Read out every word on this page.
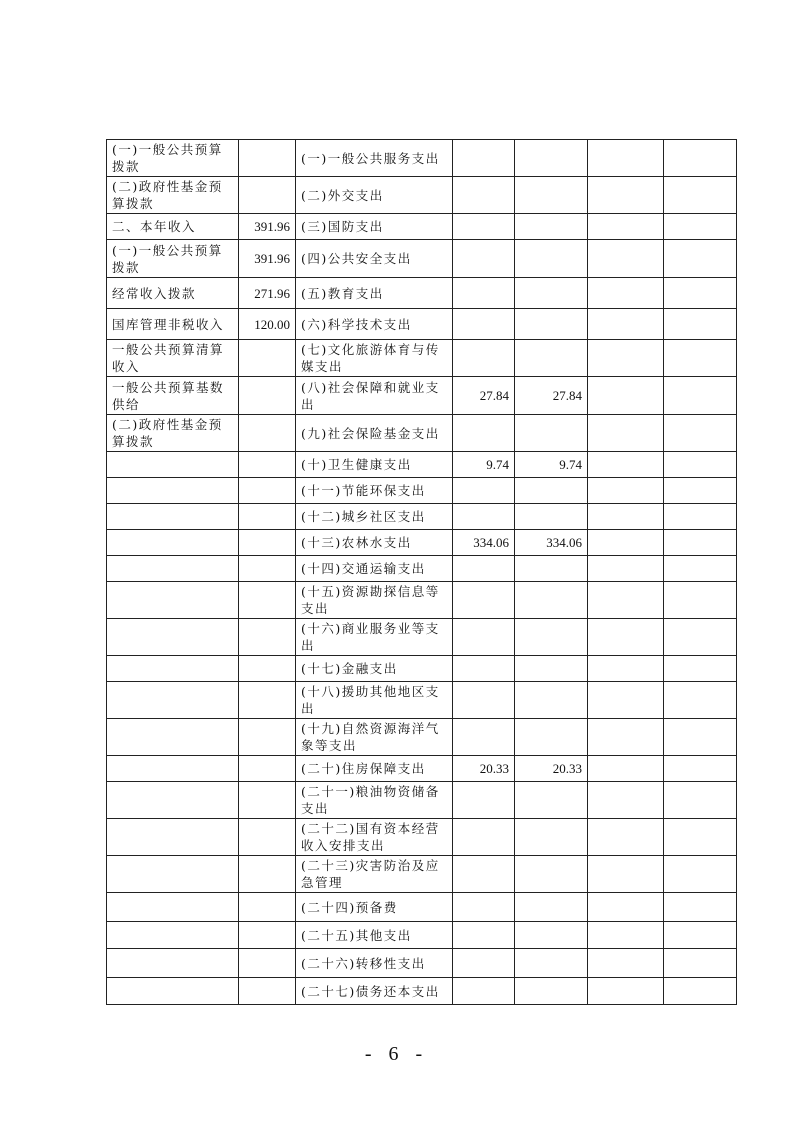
(一)一般公共预算拨款		(一)一般公共服务支出				
(二)政府性基金预算拨款		(二)外交支出				
二、本年收入	391.96	(三)国防支出				
(一)一般公共预算拨款	391.96	(四)公共安全支出				
经常收入拨款	271.96	(五)教育支出				
国库管理非税收入	120.00	(六)科学技术支出				
一般公共预算清算收入		(七)文化旅游体育与传媒支出				
一般公共预算基数供给		(八)社会保障和就业支出	27.84	27.84		
(二)政府性基金预算拨款		(九)社会保险基金支出				
		(十)卫生健康支出	9.74	9.74		
		(十一)节能环保支出				
		(十二)城乡社区支出				
		(十三)农林水支出	334.06	334.06		
		(十四)交通运输支出				
		(十五)资源勘探信息等支出				
		(十六)商业服务业等支出				
		(十七)金融支出				
		(十八)援助其他地区支出				
		(十九)自然资源海洋气象等支出				
		(二十)住房保障支出	20.33	20.33		
		(二十一)粮油物资储备支出				
		(二十二)国有资本经营收入安排支出				
		(二十三)灾害防治及应急管理				
		(二十四)预备费				
		(二十五)其他支出				
		(二十六)转移性支出				
		(二十七)债务还本支出				
- 6 -
